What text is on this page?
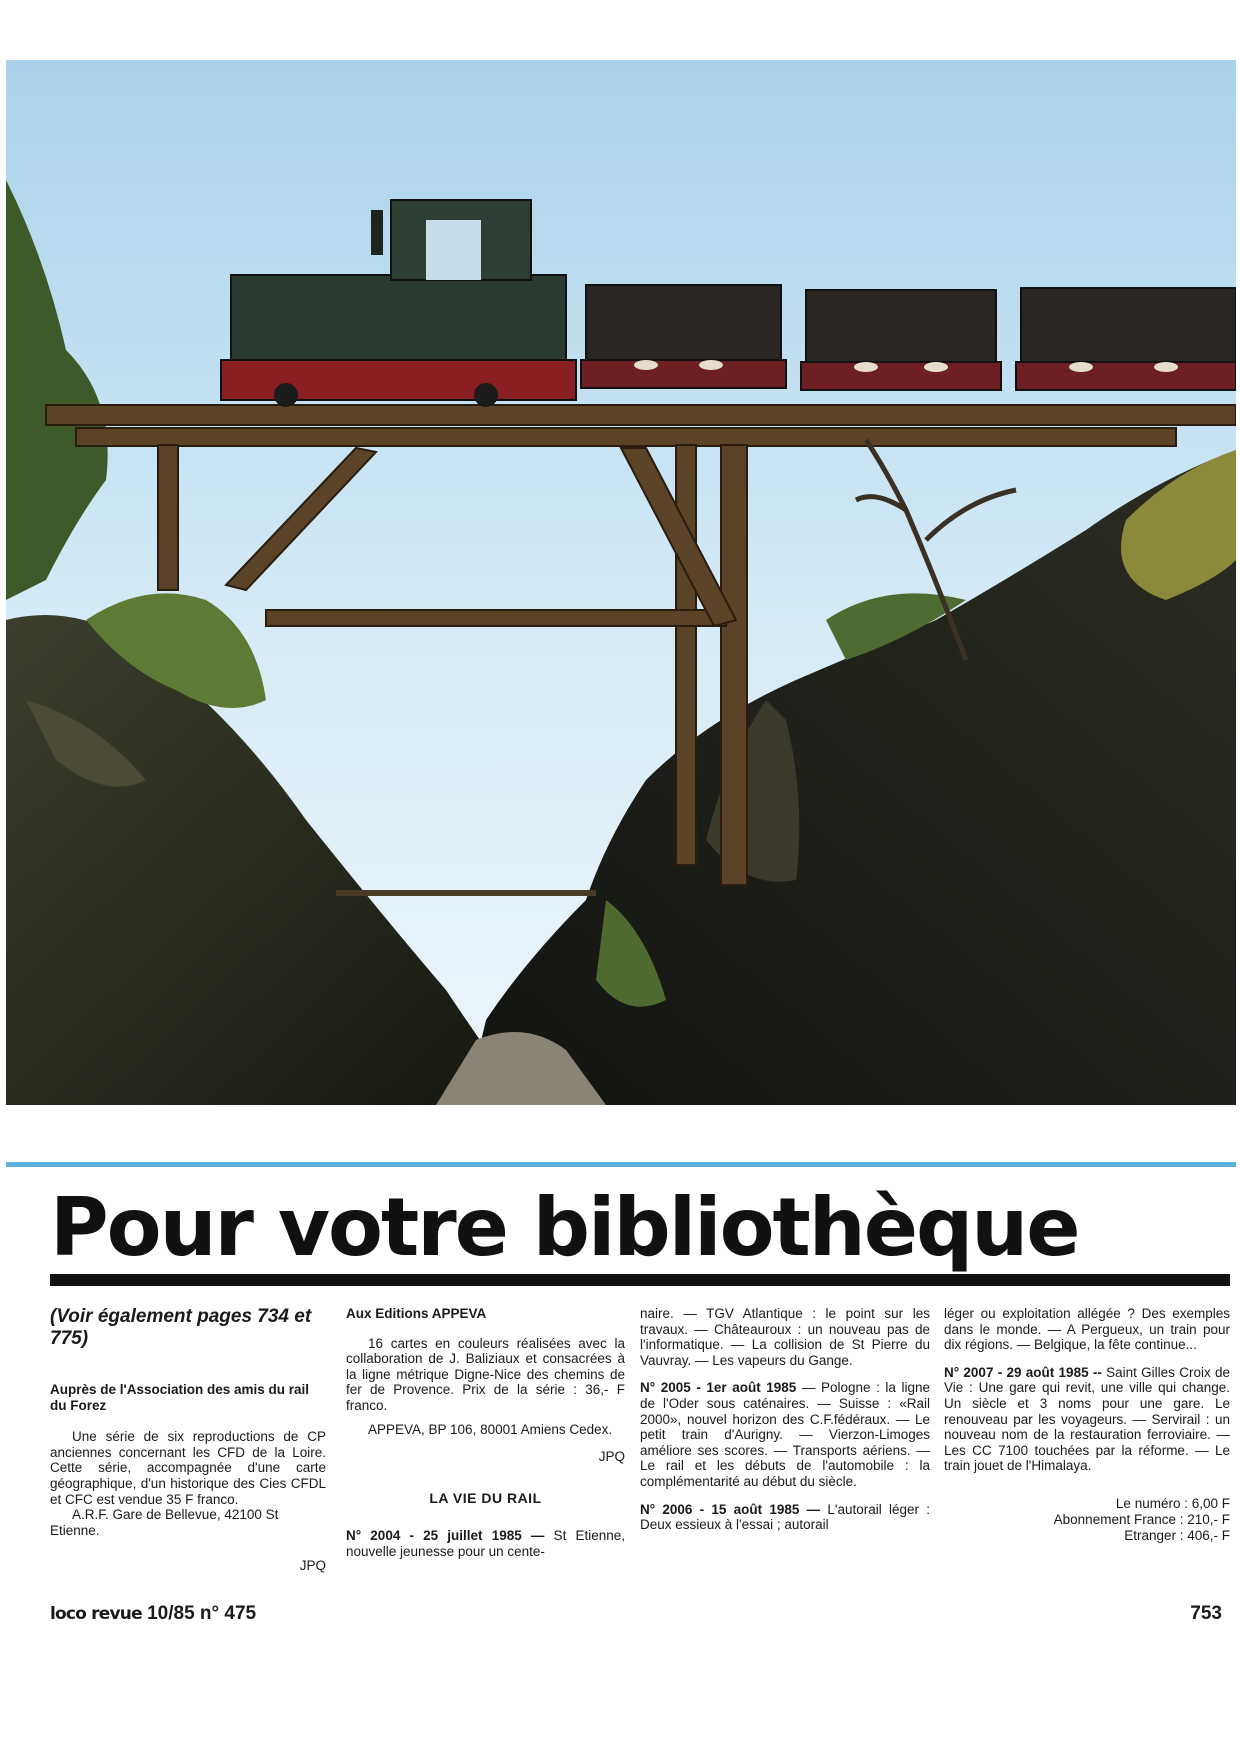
Pour votre bibliothèque

(Voir également pages 734 et 775)

Auprès de l'Association des amis du rail du Forez

Une série de six reproductions de CP anciennes concernant les CFD de la Loire. Cette série, accompagnée d'une carte géographique, d'un historique des Cies CFDL et CFC est vendue 35 F franco.

A.R.F. Gare de Bellevue, 42100 St Etienne.

JPQ

Aux Editions APPEVA

16 cartes en couleurs réalisées avec la collaboration de J. Baliziaux et consacrées à la ligne métrique Digne-Nice des chemins de fer de Provence. Prix de la série : 36,- F franco.

APPEVA, BP 106, 80001 Amiens Cedex.

JPQ

LA VIE DU RAIL

N° 2004 - 25 juillet 1985 — St Etienne, nouvelle jeunesse pour un cente-

naire. — TGV Atlantique : le point sur les travaux. — Châteauroux : un nouveau pas de l'informatique. — La collision de St Pierre du Vauvray. — Les vapeurs du Gange.

N° 2005 - 1er août 1985 — Pologne : la ligne de l'Oder sous caténaires. — Suisse : «Rail 2000», nouvel horizon des C.F.fédéraux. — Le petit train d'Aurigny. — Vierzon-Limoges améliore ses scores. — Transports aériens. — Le rail et les débuts de l'automobile : la complémentarité au début du siècle.

N° 2006 - 15 août 1985 — L'autorail léger : Deux essieux à l'essai ; autorail

léger ou exploitation allégée ? Des exemples dans le monde. — A Pergueux, un train pour dix régions. — Belgique, la fête continue...

N° 2007 - 29 août 1985 -- Saint Gilles Croix de Vie : Une gare qui revit, une ville qui change. Un siècle et 3 noms pour une gare. Le renouveau par les voyageurs. — Servirail : un nouveau nom de la restauration ferroviaire. — Les CC 7100 touchées par la réforme. — Le train jouet de l'Himalaya.

Le numéro : 6,00 F

Abonnement France : 210,- F

Etranger : 406,- F

loco revue 10/85 n° 475	753
